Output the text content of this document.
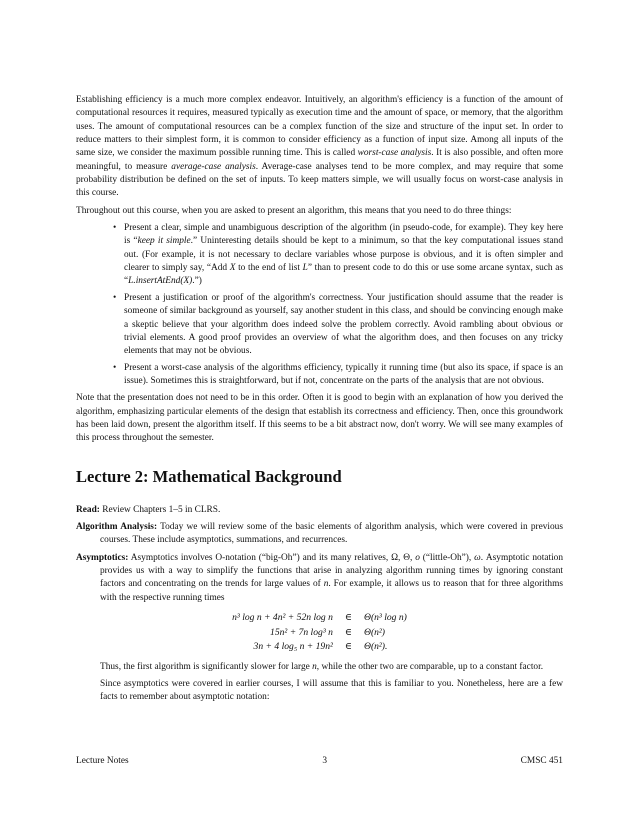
Establishing efficiency is a much more complex endeavor. Intuitively, an algorithm's efficiency is a function of the amount of computational resources it requires, measured typically as execution time and the amount of space, or memory, that the algorithm uses. The amount of computational resources can be a complex function of the size and structure of the input set. In order to reduce matters to their simplest form, it is common to consider efficiency as a function of input size. Among all inputs of the same size, we consider the maximum possible running time. This is called worst-case analysis. It is also possible, and often more meaningful, to measure average-case analysis. Average-case analyses tend to be more complex, and may require that some probability distribution be defined on the set of inputs. To keep matters simple, we will usually focus on worst-case analysis in this course.

Throughout out this course, when you are asked to present an algorithm, this means that you need to do three things:

• Present a clear, simple and unambiguous description of the algorithm (in pseudo-code, for example). They key here is “keep it simple.” Uninteresting details should be kept to a minimum, so that the key computational issues stand out. (For example, it is not necessary to declare variables whose purpose is obvious, and it is often simpler and clearer to simply say, “Add X to the end of list L” than to present code to do this or use some arcane syntax, such as “L.insertAtEnd(X).”)
• Present a justification or proof of the algorithm's correctness. Your justification should assume that the reader is someone of similar background as yourself, say another student in this class, and should be convincing enough make a skeptic believe that your algorithm does indeed solve the problem correctly. Avoid rambling about obvious or trivial elements. A good proof provides an overview of what the algorithm does, and then focuses on any tricky elements that may not be obvious.
• Present a worst-case analysis of the algorithms efficiency, typically it running time (but also its space, if space is an issue). Sometimes this is straightforward, but if not, concentrate on the parts of the analysis that are not obvious.

Note that the presentation does not need to be in this order. Often it is good to begin with an explanation of how you derived the algorithm, emphasizing particular elements of the design that establish its correctness and efficiency. Then, once this groundwork has been laid down, present the algorithm itself. If this seems to be a bit abstract now, don't worry. We will see many examples of this process throughout the semester.

Lecture 2: Mathematical Background

Read: Review Chapters 1–5 in CLRS.

Algorithm Analysis: Today we will review some of the basic elements of algorithm analysis, which were covered in previous courses. These include asymptotics, summations, and recurrences.

Asymptotics: Asymptotics involves O-notation (“big-Oh”) and its many relatives, Ω, Θ, o (“little-Oh”), ω. Asymptotic notation provides us with a way to simplify the functions that arise in analyzing algorithm running times by ignoring constant factors and concentrating on the trends for large values of n. For example, it allows us to reason that for three algorithms with the respective running times

n³ log n + 4n² + 52n log n	∈	Θ(n³ log n)
15n² + 7n log³ n	∈	Θ(n²)
3n + 4 log₅ n + 19n²	∈	Θ(n²).

Thus, the first algorithm is significantly slower for large n, while the other two are comparable, up to a constant factor.

Since asymptotics were covered in earlier courses, I will assume that this is familiar to you. Nonetheless, here are a few facts to remember about asymptotic notation:

Lecture Notes	3	CMSC 451
